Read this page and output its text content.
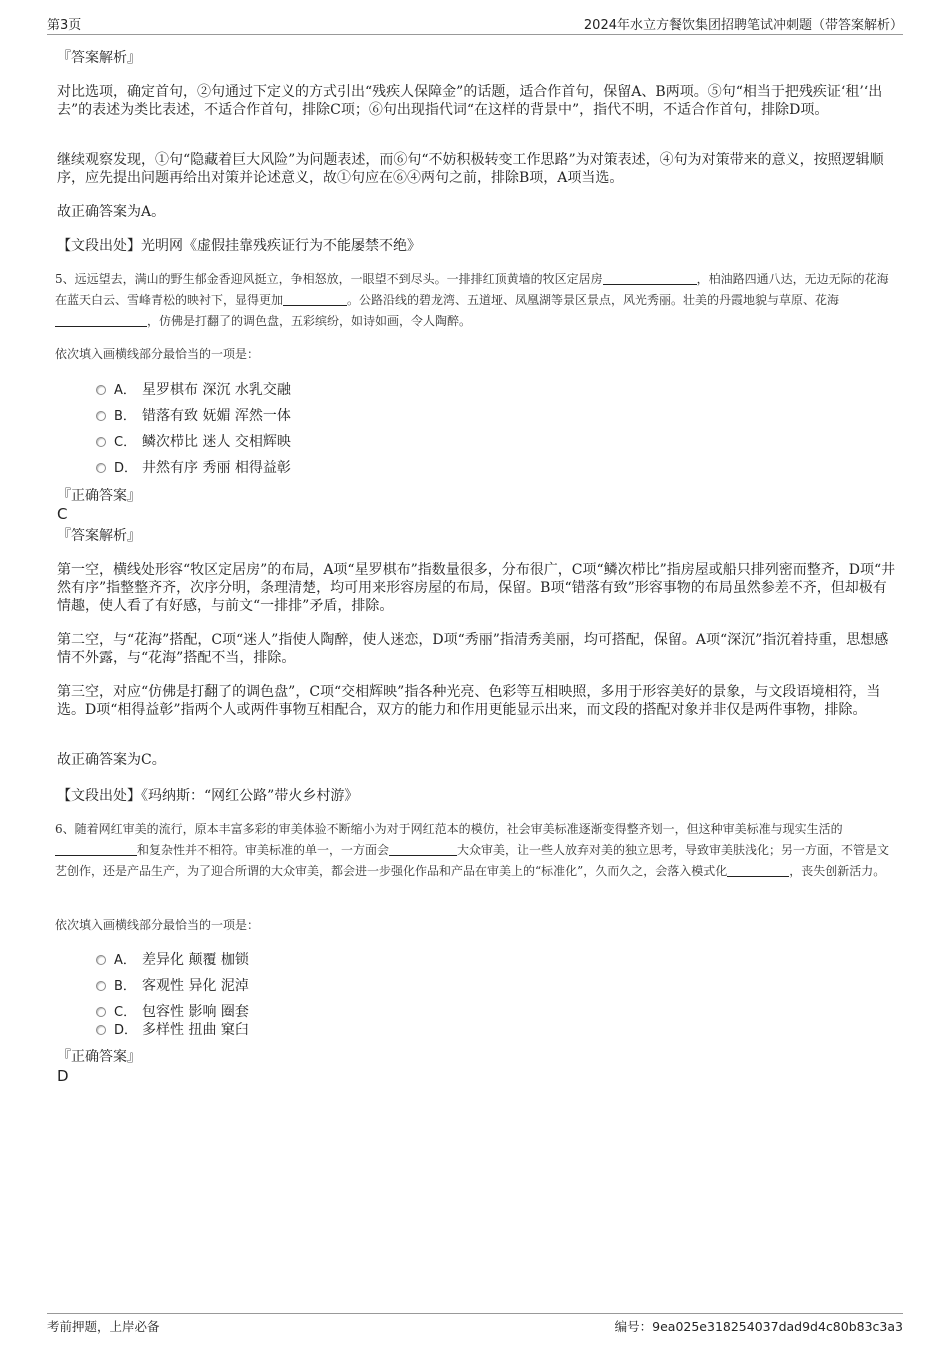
第3页	2024年水立方餐饮集团招聘笔试冲刺题（带答案解析）
『答案解析』

对比选项，确定首句，②句通过下定义的方式引出“残疾人保障金”的话题，适合作首句，保留A、B两项。⑤句“相当于把残疾证‘租’‘出去”的表述为类比表述，不适合作首句，排除C项；⑥句出现指代词“在这样的背景中”，指代不明，不适合作首句，排除D项。

继续观察发现，①句“隐藏着巨大风险”为问题表述，而⑥句“不妨积极转变工作思路”为对策表述，④句为对策带来的意义，按照逻辑顺序，应先提出问题再给出对策并论述意义，故①句应在⑥④两句之前，排除B项，A项当选。

故正确答案为A。

【文段出处】光明网《虚假挂靠残疾证行为不能屡禁不绝》

5、远远望去，满山的野生郁金香迎风挺立，争相怒放，一眼望不到尽头。一排排红顶黄墙的牧区定居房	，柏油路四通八达，无边无际的花海在蓝天白云、雪峰青松的映衬下，显得更加	。公路沿线的碧龙湾、五道垭、凤凰湖等景区景点，风光秀丽。壮美的丹霞地貌与草原、花海，仿佛是打翻了的调色盘，五彩缤纷，如诗如画，令人陶醉。

依次填入画横线部分最恰当的一项是：

A． 星罗棋布 深沉 水乳交融
B． 错落有致 妩媚 浑然一体
C． 鳞次栉比 迷人 交相辉映
D． 井然有序 秀丽 相得益彰
『正确答案』
C
『答案解析』

第一空，横线处形容“牧区定居房”的布局，A项“星罗棋布”指数量很多，分布很广，C项“鳞次栉比”指房屋或船只排列密而整齐，D项“井然有序”指整整齐齐，次序分明，条理清楚，均可用来形容房屋的布局，保留。B项“错落有致”形容事物的布局虽然参差不齐，但却极有情趣，使人看了有好感，与前文“一排排”矛盾，排除。

第二空，与“花海”搭配，C项“迷人”指使人陶醉，使人迷恋，D项“秀丽”指清秀美丽，均可搭配，保留。A项“深沉”指沉着持重，思想感情不外露，与“花海”搭配不当，排除。

第三空，对应“仿佛是打翻了的调色盘”，C项“交相辉映”指各种光亮、色彩等互相映照，多用于形容美好的景象，与文段语境相符，当选。D项“相得益彰”指两个人或两件事物互相配合，双方的能力和作用更能显示出来，而文段的搭配对象并非仅是两件事物，排除。

故正确答案为C。

【文段出处】《玛纳斯：“网红公路”带火乡村游》

6、随着网红审美的流行，原本丰富多彩的审美体验不断缩小为对于网红范本的模仿，社会审美标准逐渐变得整齐划一，但这种审美标准与现实生活的和复杂性并不相符。审美标准的单一，一方面会	大众审美，让一些人放弃对美的独立思考，导致审美肤浅化；另一方面，不管是文艺创作，还是产品生产，为了迎合所谓的大众审美，都会进一步强化作品和产品在审美上的“标准化”，久而久之，会落入模式化	，丧失创新活力。

依次填入画横线部分最恰当的一项是：

A． 差异化 颠覆 枷锁
B． 客观性 异化 泥淖
C． 包容性 影响 圈套
D． 多样性 扭曲 窠臼
『正确答案』
D
考前押题，上岸必备	编号：9ea025e318254037dad9d4c80b83c3a3
